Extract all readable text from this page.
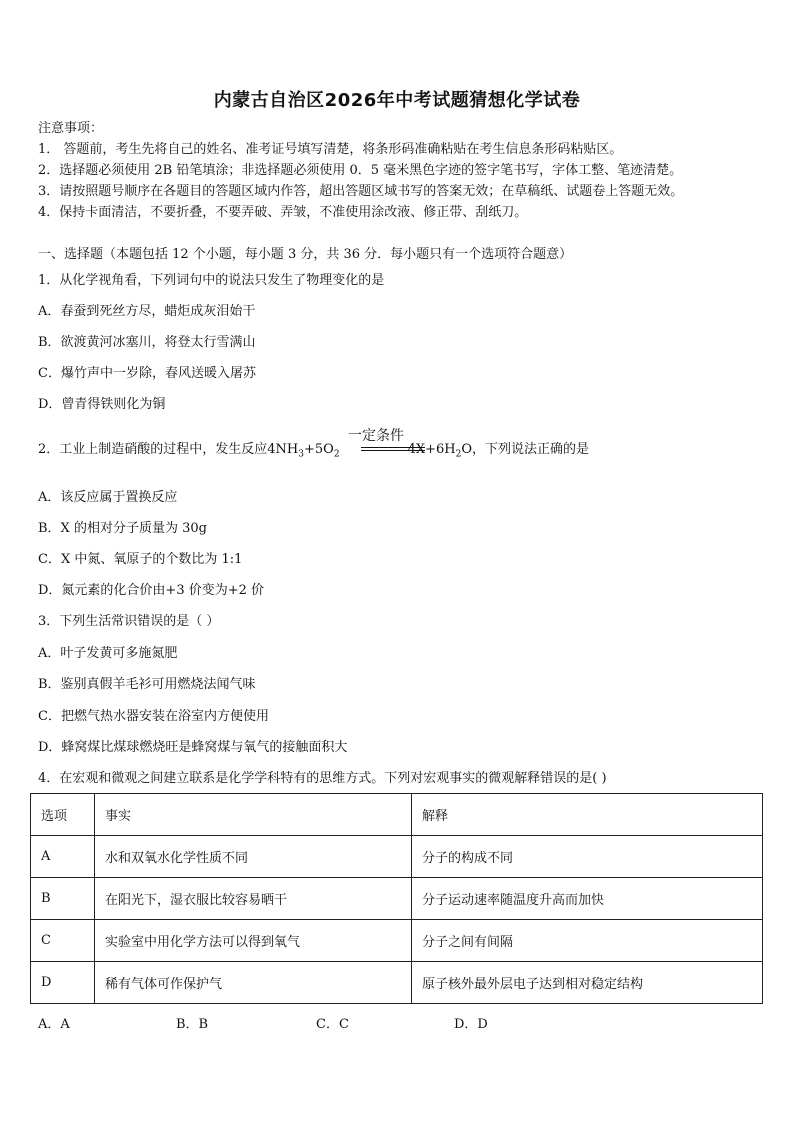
内蒙古自治区2026年中考试题猜想化学试卷
注意事项：
1． 答题前，考生先将自己的姓名、准考证号填写清楚，将条形码准确粘贴在考生信息条形码粘贴区。
2．选择题必须使用 2B 铅笔填涂；非选择题必须使用 0．5 毫米黑色字迹的签字笔书写，字体工整、笔迹清楚。
3．请按照题号顺序在各题目的答题区域内作答，超出答题区域书写的答案无效；在草稿纸、试题卷上答题无效。
4．保持卡面清洁，不要折叠，不要弄破、弄皱，不准使用涂改液、修正带、刮纸刀。
一、选择题（本题包括 12 个小题，每小题 3 分，共 36 分．每小题只有一个选项符合题意）
1．从化学视角看，下列词句中的说法只发生了物理变化的是
A．春蚕到死丝方尽，蜡炬成灰泪始干
B．欲渡黄河冰塞川，将登太行雪满山
C．爆竹声中一岁除，春风送暖入屠苏
D．曾青得铁则化为铜
一定条件
2．工业上制造硝酸的过程中，发生反应$4NH_3+5O_2$	$4X+6H_2O$，下列说法正确的是
A．该反应属于置换反应
B．X 的相对分子质量为 30g
C．X 中氮、氧原子的个数比为 1:1
D．氮元素的化合价由+3 价变为+2 价
3．下列生活常识错误的是（ ）
A．叶子发黄可多施氮肥
B．鉴别真假羊毛衫可用燃烧法闻气味
C．把燃气热水器安装在浴室内方便使用
D．蜂窝煤比煤球燃烧旺是蜂窝煤与氧气的接触面积大
4．在宏观和微观之间建立联系是化学学科特有的思维方式。下列对宏观事实的微观解释错误的是( )
选项	事实	解释
A	水和双氧水化学性质不同	分子的构成不同
B	在阳光下，湿衣服比较容易晒干	分子运动速率随温度升高而加快
C	实验室中用化学方法可以得到氧气	分子之间有间隔
D	稀有气体可作保护气	原子核外最外层电子达到相对稳定结构
A．A	B．B	C．C	D．D
